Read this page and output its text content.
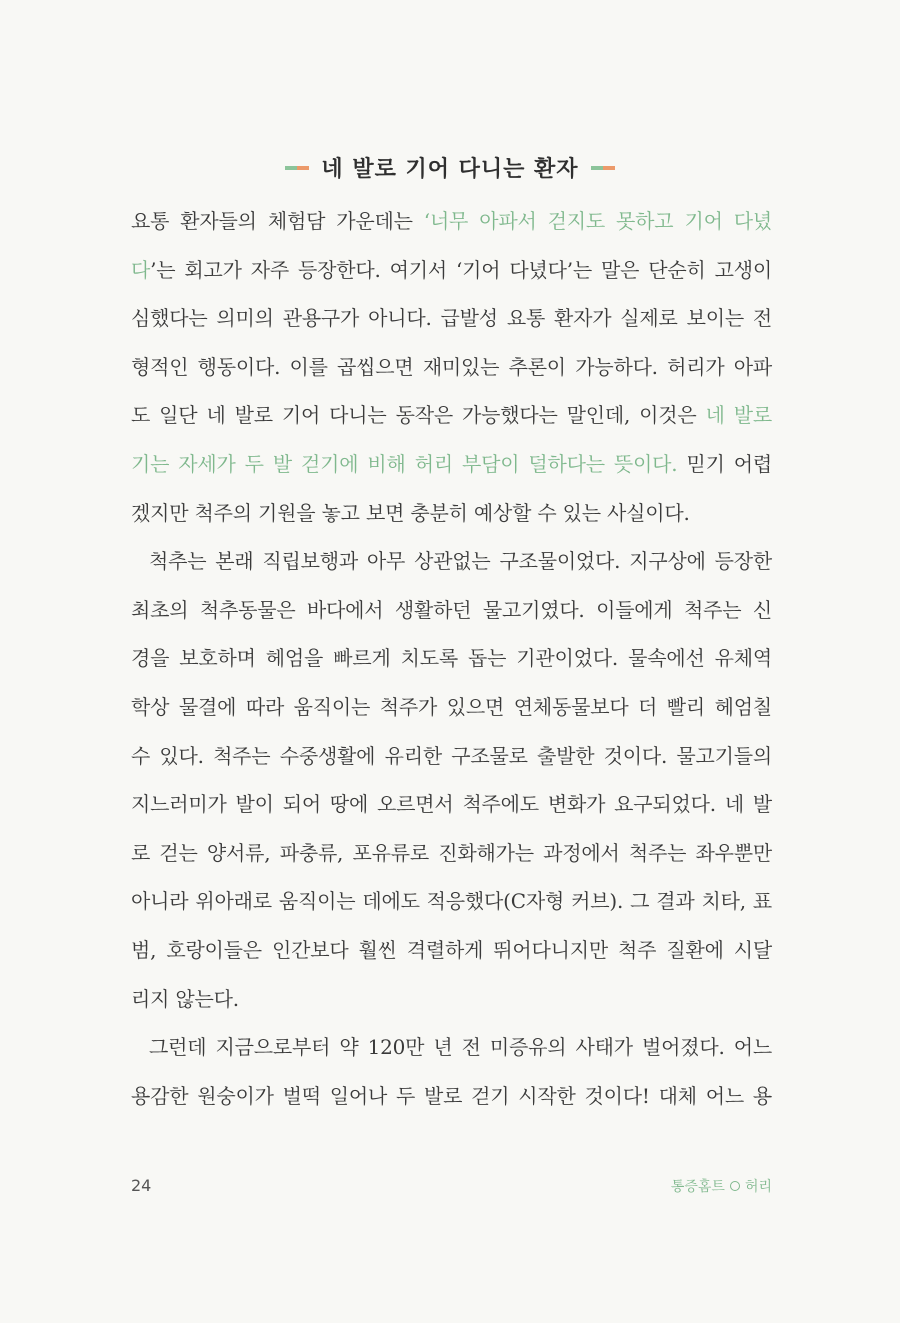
네 발로 기어 다니는 환자
요통 환자들의 체험담 가운데는 ‘너무 아파서 걷지도 못하고 기어 다녔
다’는 회고가 자주 등장한다. 여기서 ‘기어 다녔다’는 말은 단순히 고생이
심했다는 의미의 관용구가 아니다. 급발성 요통 환자가 실제로 보이는 전
형적인 행동이다. 이를 곱씹으면 재미있는 추론이 가능하다. 허리가 아파
도 일단 네 발로 기어 다니는 동작은 가능했다는 말인데, 이것은 네 발로
기는 자세가 두 발 걷기에 비해 허리 부담이 덜하다는 뜻이다. 믿기 어렵
겠지만 척주의 기원을 놓고 보면 충분히 예상할 수 있는 사실이다.
척추는 본래 직립보행과 아무 상관없는 구조물이었다. 지구상에 등장한
최초의 척추동물은 바다에서 생활하던 물고기였다. 이들에게 척주는 신
경을 보호하며 헤엄을 빠르게 치도록 돕는 기관이었다. 물속에선 유체역
학상 물결에 따라 움직이는 척주가 있으면 연체동물보다 더 빨리 헤엄칠
수 있다. 척주는 수중생활에 유리한 구조물로 출발한 것이다. 물고기들의
지느러미가 발이 되어 땅에 오르면서 척주에도 변화가 요구되었다. 네 발
로 걷는 양서류, 파충류, 포유류로 진화해가는 과정에서 척주는 좌우뿐만
아니라 위아래로 움직이는 데에도 적응했다(C자형 커브). 그 결과 치타, 표
범, 호랑이들은 인간보다 훨씬 격렬하게 뛰어다니지만 척주 질환에 시달
리지 않는다.
그런데 지금으로부터 약 120만 년 전 미증유의 사태가 벌어졌다. 어느
용감한 원숭이가 벌떡 일어나 두 발로 걷기 시작한 것이다! 대체 어느 용
24	통증홈트 허리
